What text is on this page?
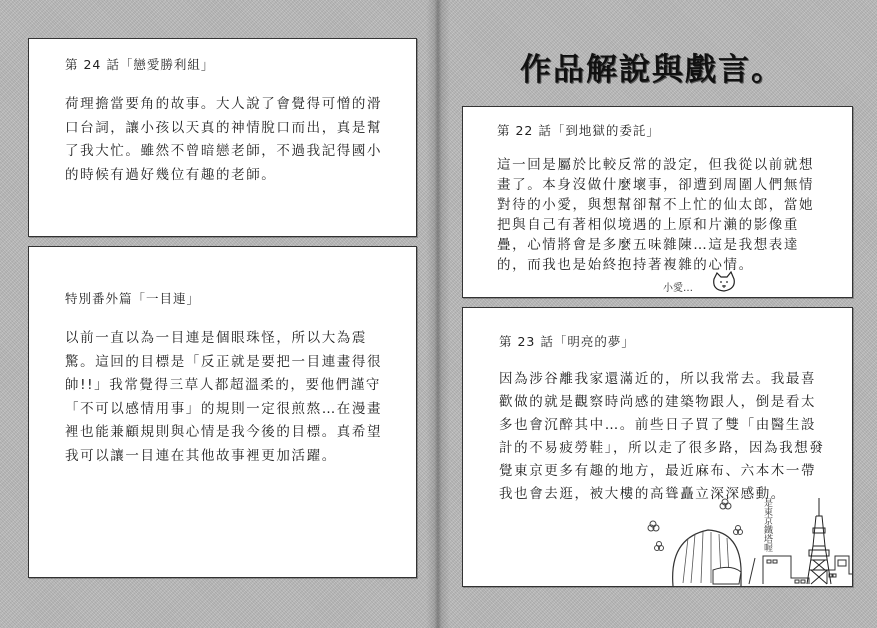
第 24 話「戀愛勝利組」
荷理擔當要角的故事。大人說了會覺得可憎的滑口台詞，讓小孩以天真的神情脫口而出，真是幫了我大忙。雖然不曾暗戀老師，不過我記得國小的時候有過好幾位有趣的老師。
特別番外篇「一目連」
以前一直以為一目連是個眼珠怪，所以大為震驚。這回的目標是「反正就是要把一目連畫得很帥!!」我常覺得三草人都超溫柔的，要他們謹守「不可以感情用事」的規則一定很煎熬…在漫畫裡也能兼顧規則與心情是我今後的目標。真希望我可以讓一目連在其他故事裡更加活躍。
作品解說與戲言。
第 22 話「到地獄的委託」
這一回是屬於比較反常的設定，但我從以前就想畫了。本身沒做什麼壞事，卻遭到周圍人們無情對待的小愛，與想幫卻幫不上忙的仙太郎，當她把與自己有著相似境遇的上原和片瀨的影像重疊，心情將會是多麼五味雜陳…這是我想表達的，而我也是始終抱持著複雜的心情。
小愛…
第 23 話「明亮的夢」
因為涉谷離我家還滿近的，所以我常去。我最喜歡做的就是觀察時尚感的建築物跟人，倒是看太多也會沉醉其中…。前些日子買了雙「由醫生設計的不易疲勞鞋」，所以走了很多路，因為我想發覺東京更多有趣的地方，最近麻布、六本木一帶我也會去逛，被大樓的高聳矗立深深感動。
是東京鐵塔喔
